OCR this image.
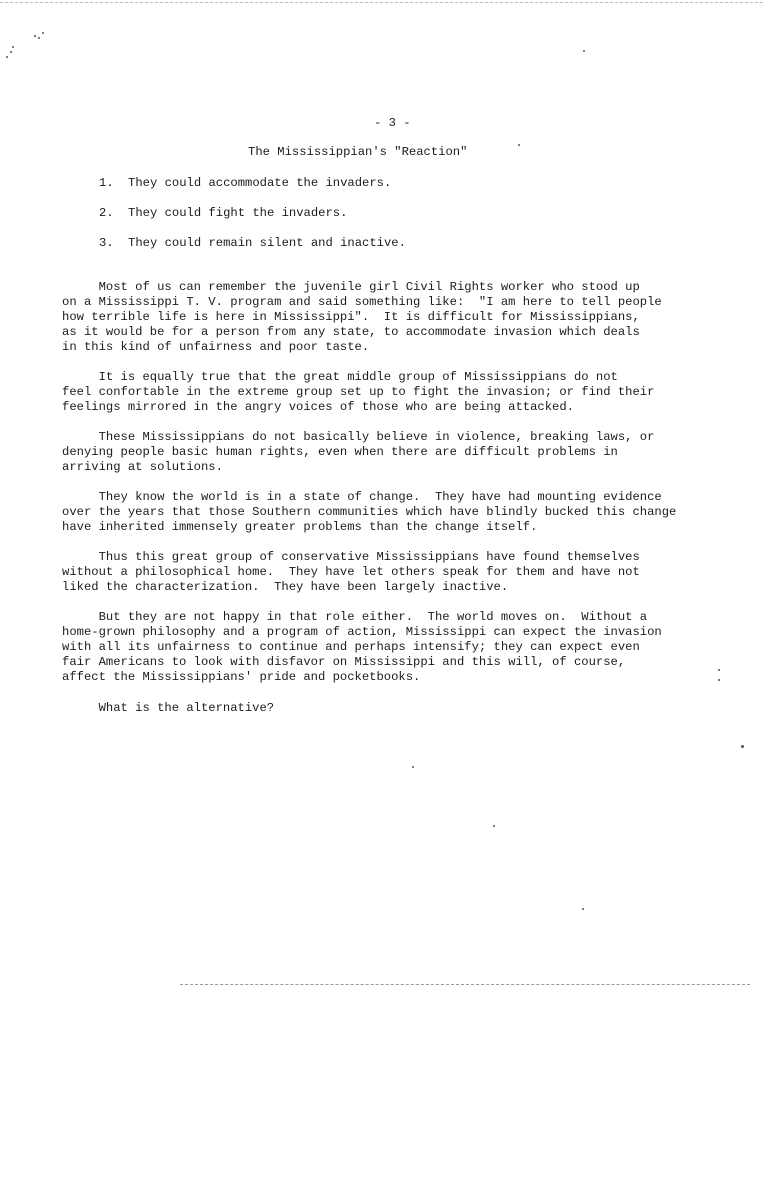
- 3 -

The Mississippian's "Reaction"

1.

They could accommodate the invaders.

2.

They could fight the invaders.

3.

They could remain silent and inactive.

Most of us can remember the juvenile girl Civil Rights worker who stood up

on a Mississippi T. V. program and said something like:  "I am here to tell people

how terrible life is here in Mississippi".  It is difficult for Mississippians,

as it would be for a person from any state, to accommodate invasion which deals

in this kind of unfairness and poor taste.

It is equally true that the great middle group of Mississippians do not

feel confortable in the extreme group set up to fight the invasion; or find their

feelings mirrored in the angry voices of those who are being attacked.

These Mississippians do not basically believe in violence, breaking laws, or

denying people basic human rights, even when there are difficult problems in

arriving at solutions.

They know the world is in a state of change.  They have had mounting evidence

over the years that those Southern communities which have blindly bucked this change

have inherited immensely greater problems than the change itself.

Thus this great group of conservative Mississippians have found themselves

without a philosophical home.  They have let others speak for them and have not

liked the characterization.  They have been largely inactive.

But they are not happy in that role either.  The world moves on.  Without a

home-grown philosophy and a program of action, Mississippi can expect the invasion

with all its unfairness to continue and perhaps intensify; they can expect even

fair Americans to look with disfavor on Mississippi and this will, of course,

affect the Mississippians' pride and pocketbooks.

What is the alternative?
